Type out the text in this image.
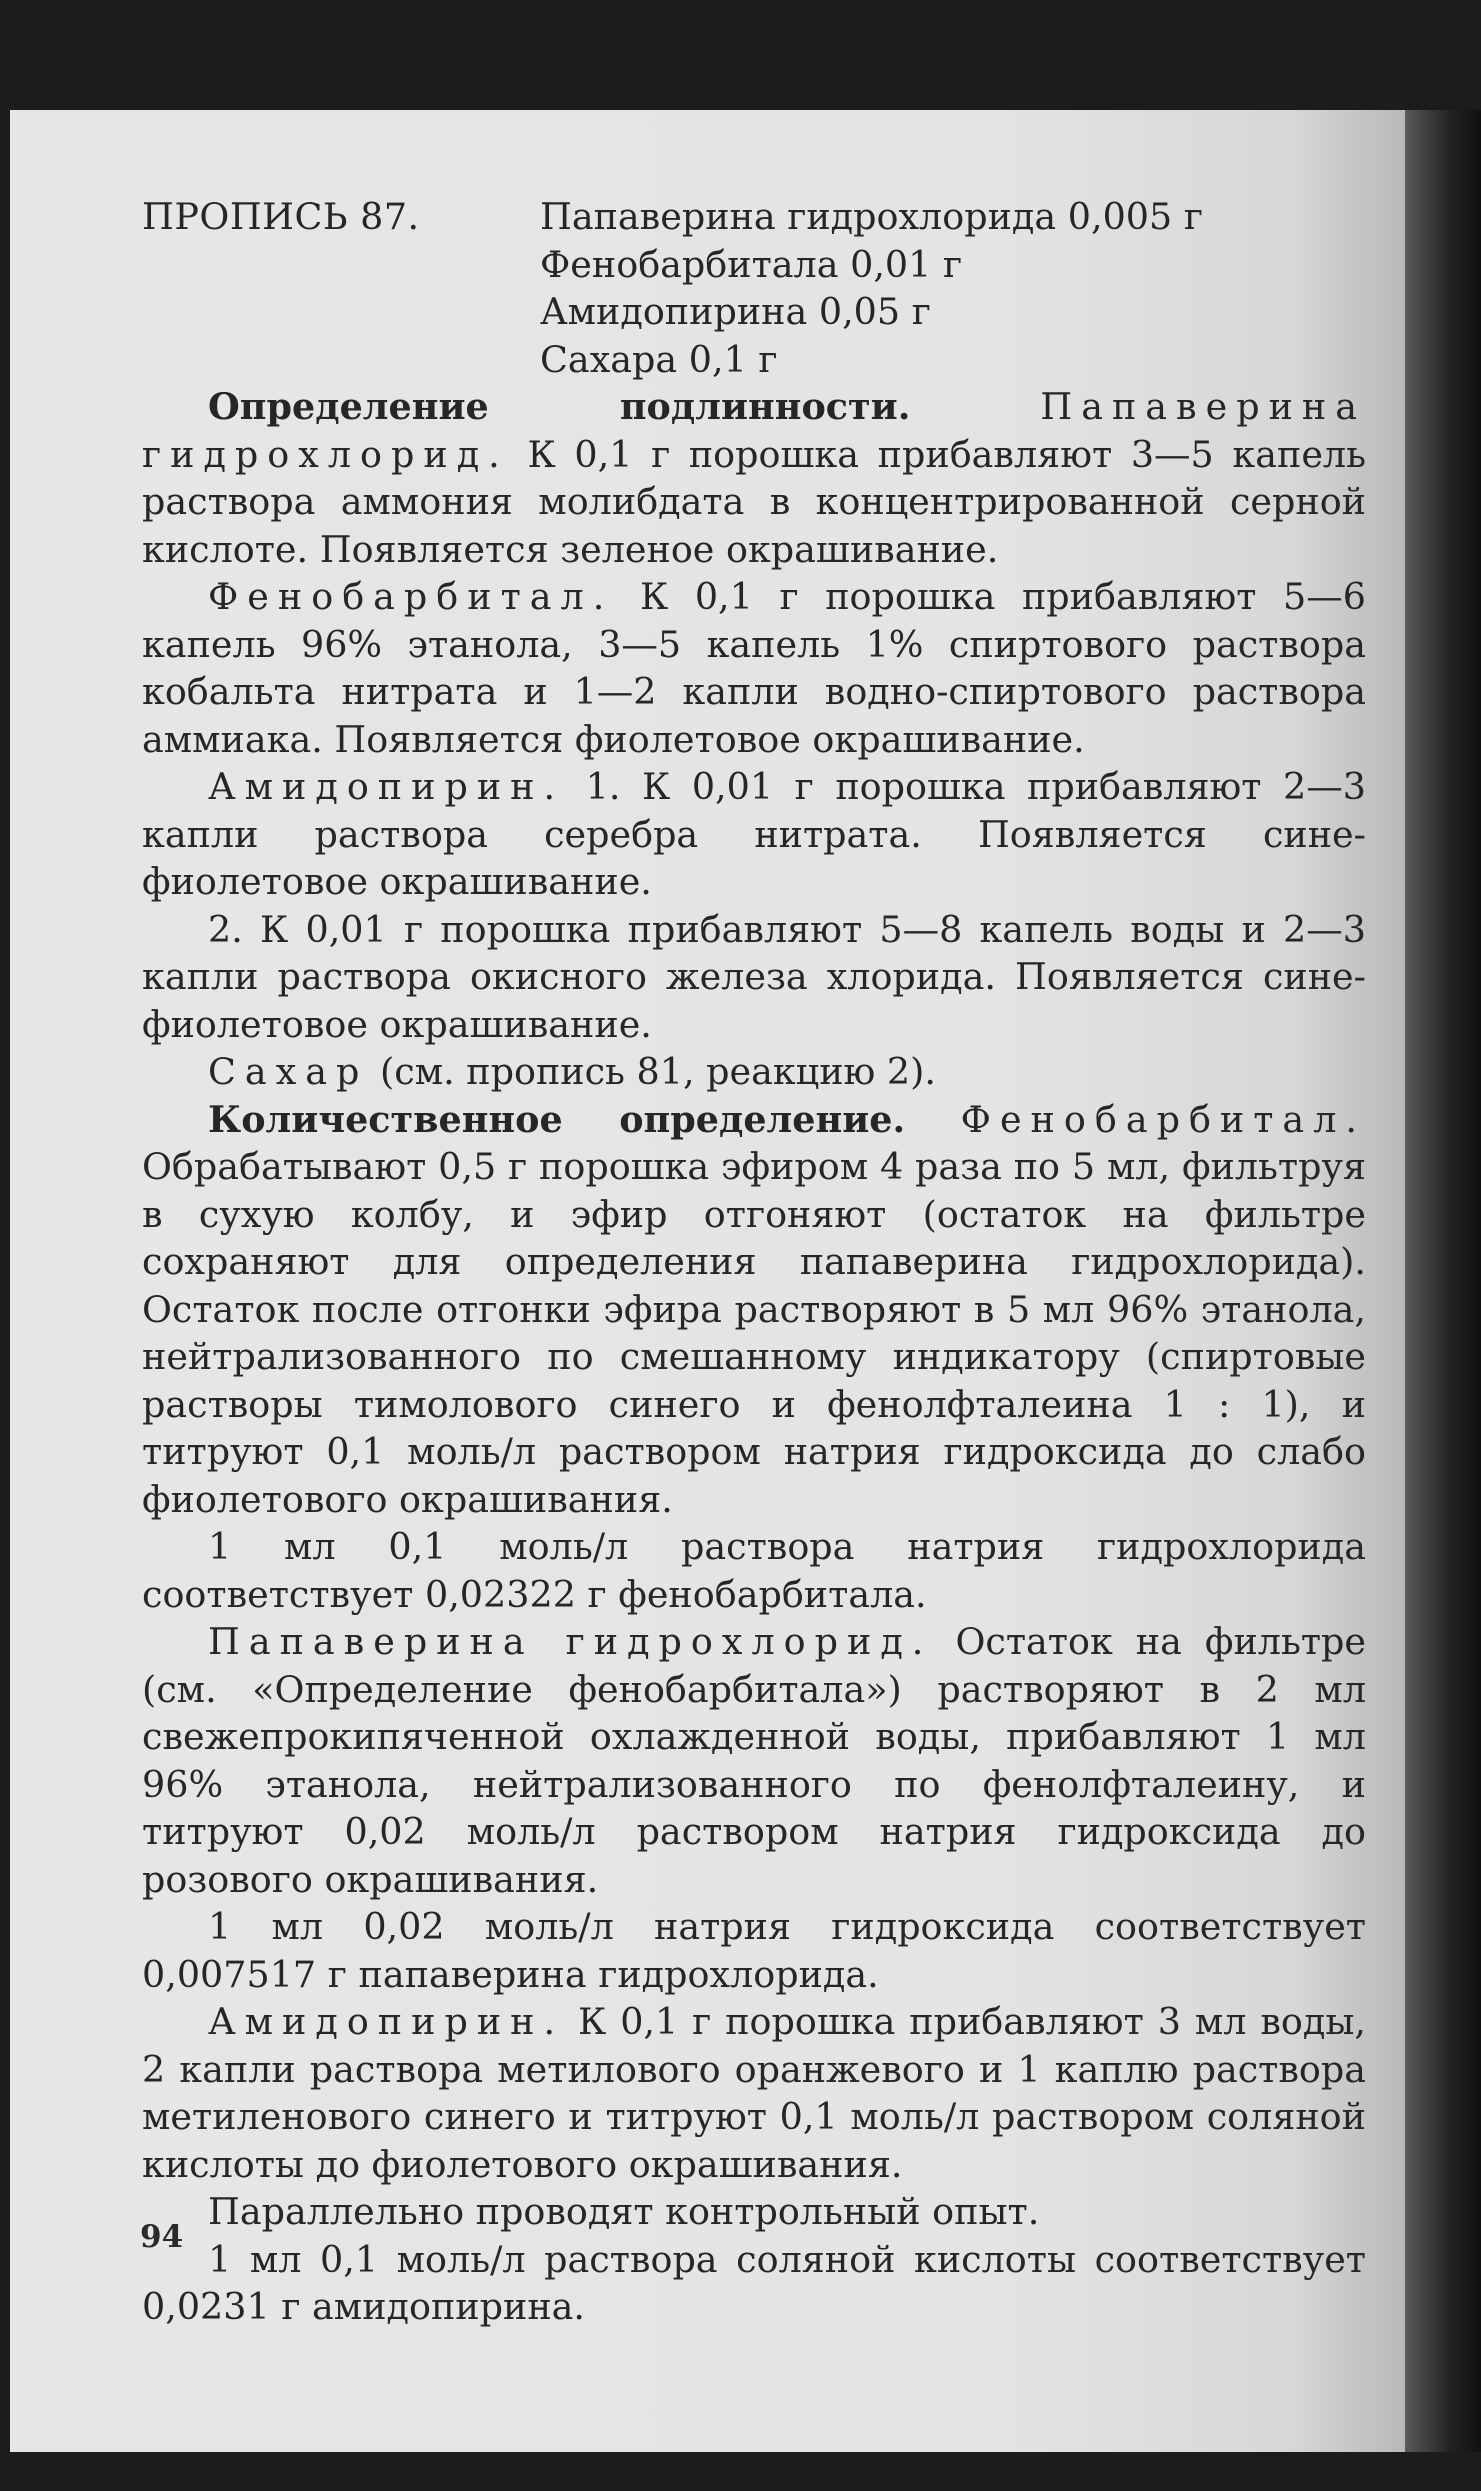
ПРОПИСЬ 87.	Папаверина гидрохлорида 0,005 г
Фенобарбитала 0,01 г
Амидопирина 0,05 г
Сахара 0,1 г

Определение подлинности.	Папаверина гидрохлорид. К 0,1 г порошка прибавляют 3—5 капель раствора аммония молибдата в концентрированной серной кислоте. Появляется зеленое окрашивание.

Фенобарбитал. К 0,1 г порошка прибавляют 5—6 капель 96% этанола, 3—5 капель 1% спиртового раствора кобальта нитрата и 1—2 капли водно-спиртового раствора аммиака. Появляется фиолетовое окрашивание.

Амидопирин. 1. К 0,01 г порошка прибавляют 2—3 капли раствора серебра нитрата. Появляется сине-фиолетовое окрашивание.

2. К 0,01 г порошка прибавляют 5—8 капель воды и 2—3 капли раствора окисного железа хлорида. Появляется сине-фиолетовое окрашивание.

Сахар (см. пропись 81, реакцию 2).

Количественное определение. Фенобарбитал. Обрабатывают 0,5 г порошка эфиром 4 раза по 5 мл, фильтруя в сухую колбу, и эфир отгоняют (остаток на фильтре сохраняют для определения папаверина гидрохлорида). Остаток после отгонки эфира растворяют в 5 мл 96% этанола, нейтрализованного по смешанному индикатору (спиртовые растворы тимолового синего и фенолфталеина 1 : 1), и титруют 0,1 моль/л раствором натрия гидроксида до слабо фиолетового окрашивания.

1 мл 0,1 моль/л раствора натрия гидрохлорида соответствует 0,02322 г фенобарбитала.

Папаверина гидрохлорид. Остаток на фильтре (см. «Определение фенобарбитала») растворяют в 2 мл свежепрокипяченной охлажденной воды, прибавляют 1 мл 96% этанола, нейтрализованного по фенолфталеину, и титруют 0,02 моль/л раствором натрия гидроксида до розового окрашивания.

1 мл 0,02 моль/л натрия гидроксида соответствует 0,007517 г папаверина гидрохлорида.

Амидопирин. К 0,1 г порошка прибавляют 3 мл воды, 2 капли раствора метилового оранжевого и 1 каплю раствора метиленового синего и титруют 0,1 моль/л раствором соляной кислоты до фиолетового окрашивания.

Параллельно проводят контрольный опыт.

1 мл 0,1 моль/л раствора соляной кислоты соответствует 0,0231 г амидопирина.

94
